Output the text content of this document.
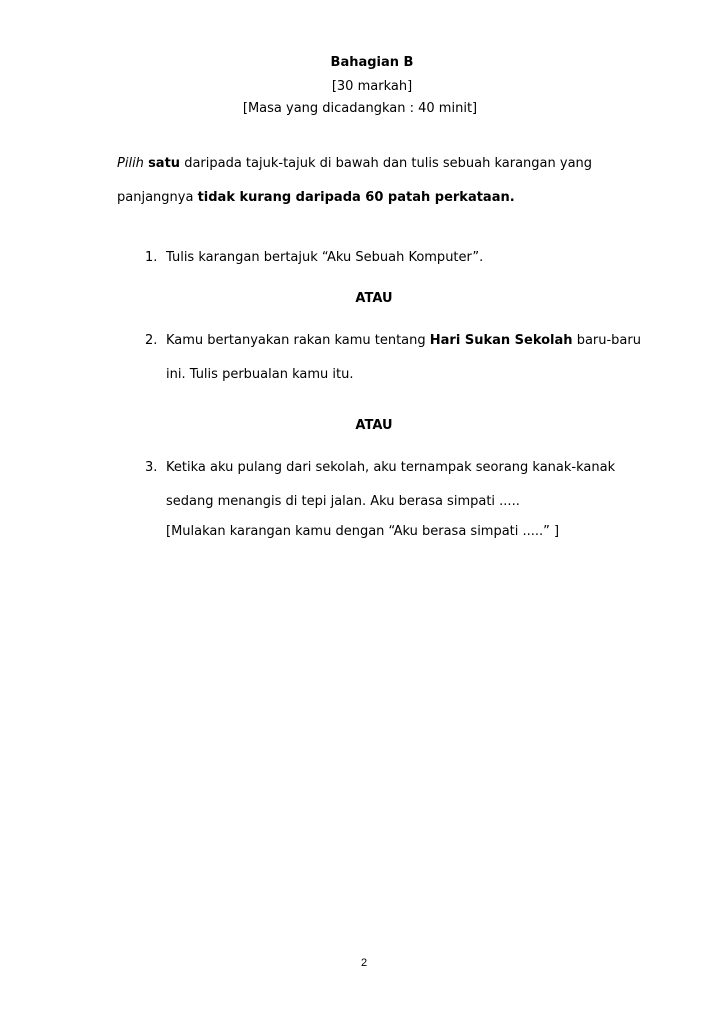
Bahagian B
[30 markah]
[Masa yang dicadangkan : 40 minit]
Pilih satu daripada tajuk-tajuk di bawah dan tulis sebuah karangan yang
panjangnya tidak kurang daripada 60 patah perkataan.
1. Tulis karangan bertajuk “Aku Sebuah Komputer”.
ATAU
2. Kamu bertanyakan rakan kamu tentang Hari Sukan Sekolah baru-baru
ini. Tulis perbualan kamu itu.
ATAU
3. Ketika aku pulang dari sekolah, aku ternampak seorang kanak-kanak
sedang menangis di tepi jalan. Aku berasa simpati .....
[Mulakan karangan kamu dengan “Aku berasa simpati .....” ]
2
